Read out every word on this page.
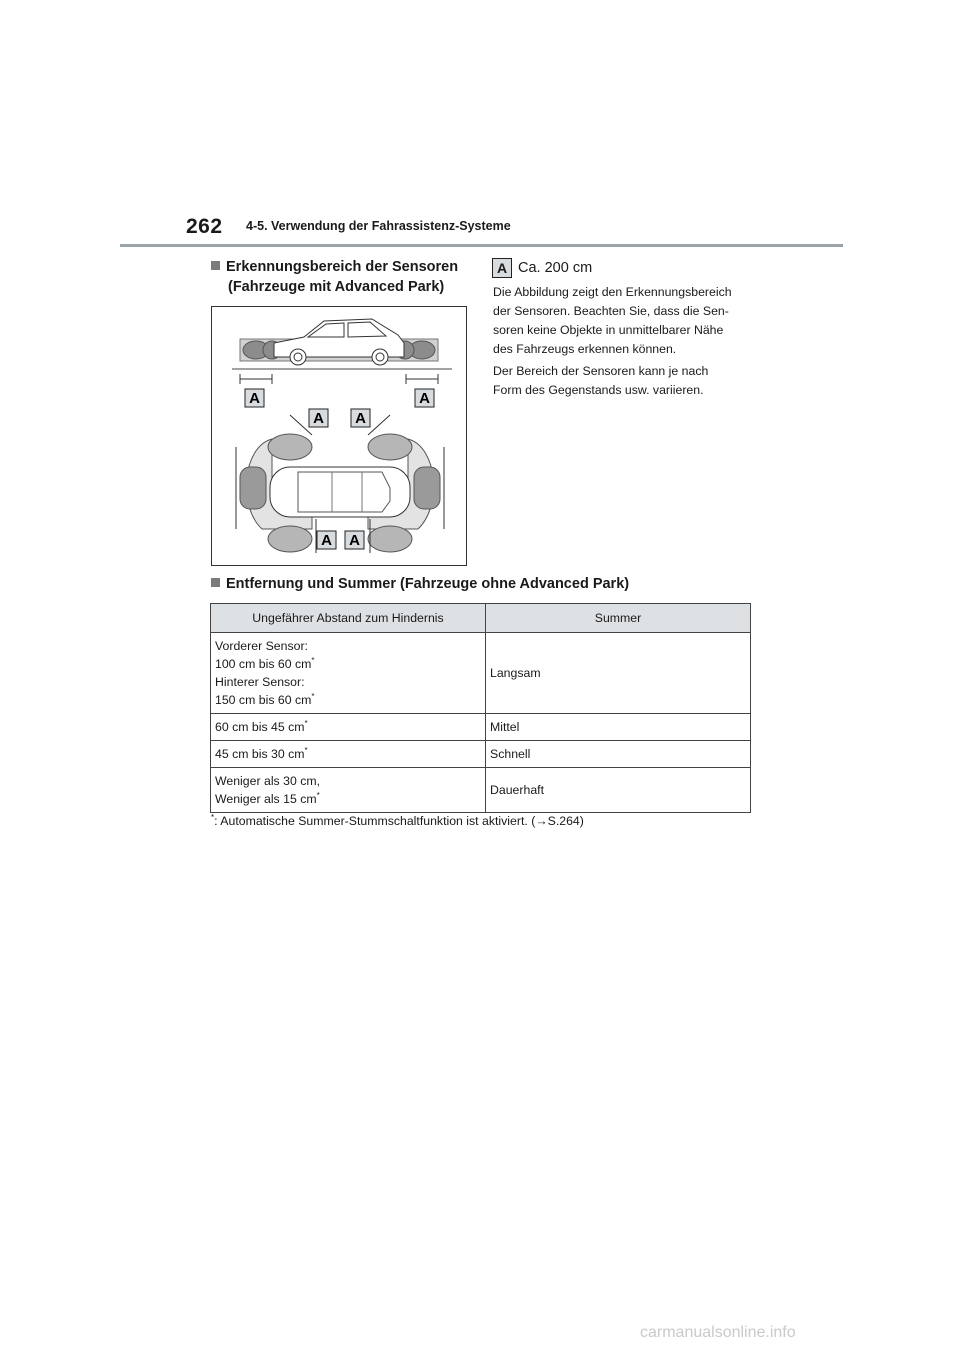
262 4-5. Verwendung der Fahrassistenz-Systeme
Erkennungsbereich der Sensoren
(Fahrzeuge mit Advanced Park)
A Ca. 200 cm
Die Abbildung zeigt den Erkennungsbereich
der Sensoren. Beachten Sie, dass die Sen-
soren keine Objekte in unmittelbarer Nähe
des Fahrzeugs erkennen können.
Der Bereich der Sensoren kann je nach
Form des Gegenstands usw. variieren.
A	A
A A
A A
Entfernung und Summer (Fahrzeuge ohne Advanced Park)
Ungefährer Abstand zum Hindernis	Summer

Vorderer Sensor:
100 cm bis 60 cm*
Hinterer Sensor:
150 cm bis 60 cm*	Langsam
60 cm bis 45 cm*	Mittel
45 cm bis 30 cm*	Schnell

Weniger als 30 cm,
Weniger als 15 cm*	Dauerhaft
*: Automatische Summer-Stummschaltfunktion ist aktiviert. (→S.264)
carmanualsonline.info
